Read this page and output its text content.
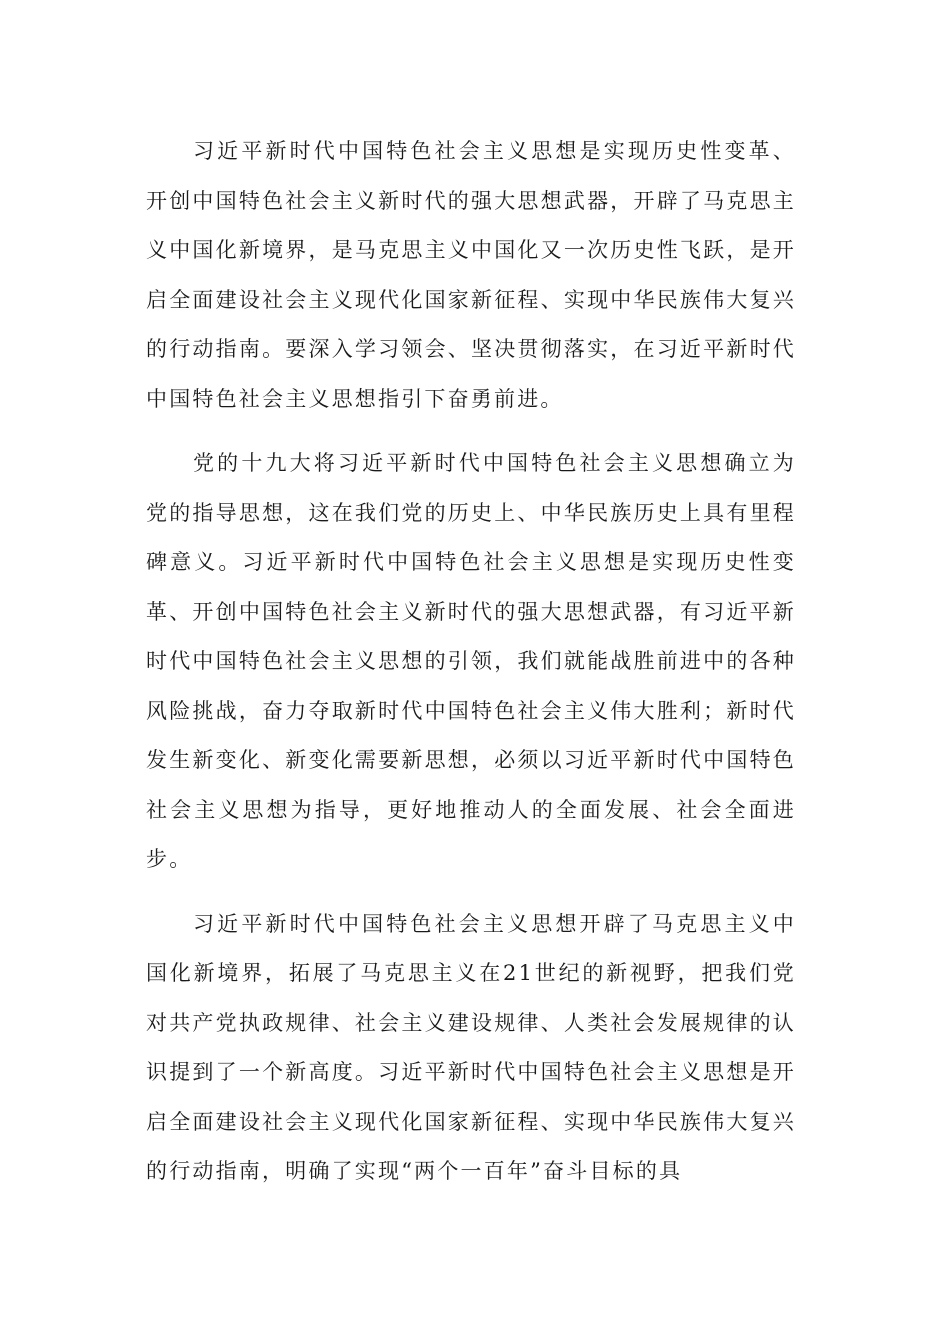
习近平新时代中国特色社会主义思想是实现历史性变革、开创中国特色社会主义新时代的强大思想武器，开辟了马克思主义中国化新境界，是马克思主义中国化又一次历史性飞跃，是开启全面建设社会主义现代化国家新征程、实现中华民族伟大复兴的行动指南。要深入学习领会、坚决贯彻落实，在习近平新时代中国特色社会主义思想指引下奋勇前进。

党的十九大将习近平新时代中国特色社会主义思想确立为党的指导思想，这在我们党的历史上、中华民族历史上具有里程碑意义。习近平新时代中国特色社会主义思想是实现历史性变革、开创中国特色社会主义新时代的强大思想武器，有习近平新时代中国特色社会主义思想的引领，我们就能战胜前进中的各种风险挑战，奋力夺取新时代中国特色社会主义伟大胜利；新时代发生新变化、新变化需要新思想，必须以习近平新时代中国特色社会主义思想为指导，更好地推动人的全面发展、社会全面进步。

习近平新时代中国特色社会主义思想开辟了马克思主义中国化新境界，拓展了马克思主义在21世纪的新视野，把我们党对共产党执政规律、社会主义建设规律、人类社会发展规律的认识提到了一个新高度。习近平新时代中国特色社会主义思想是开启全面建设社会主义现代化国家新征程、实现中华民族伟大复兴的行动指南，明确了实现“两个一百年”奋斗目标的具
